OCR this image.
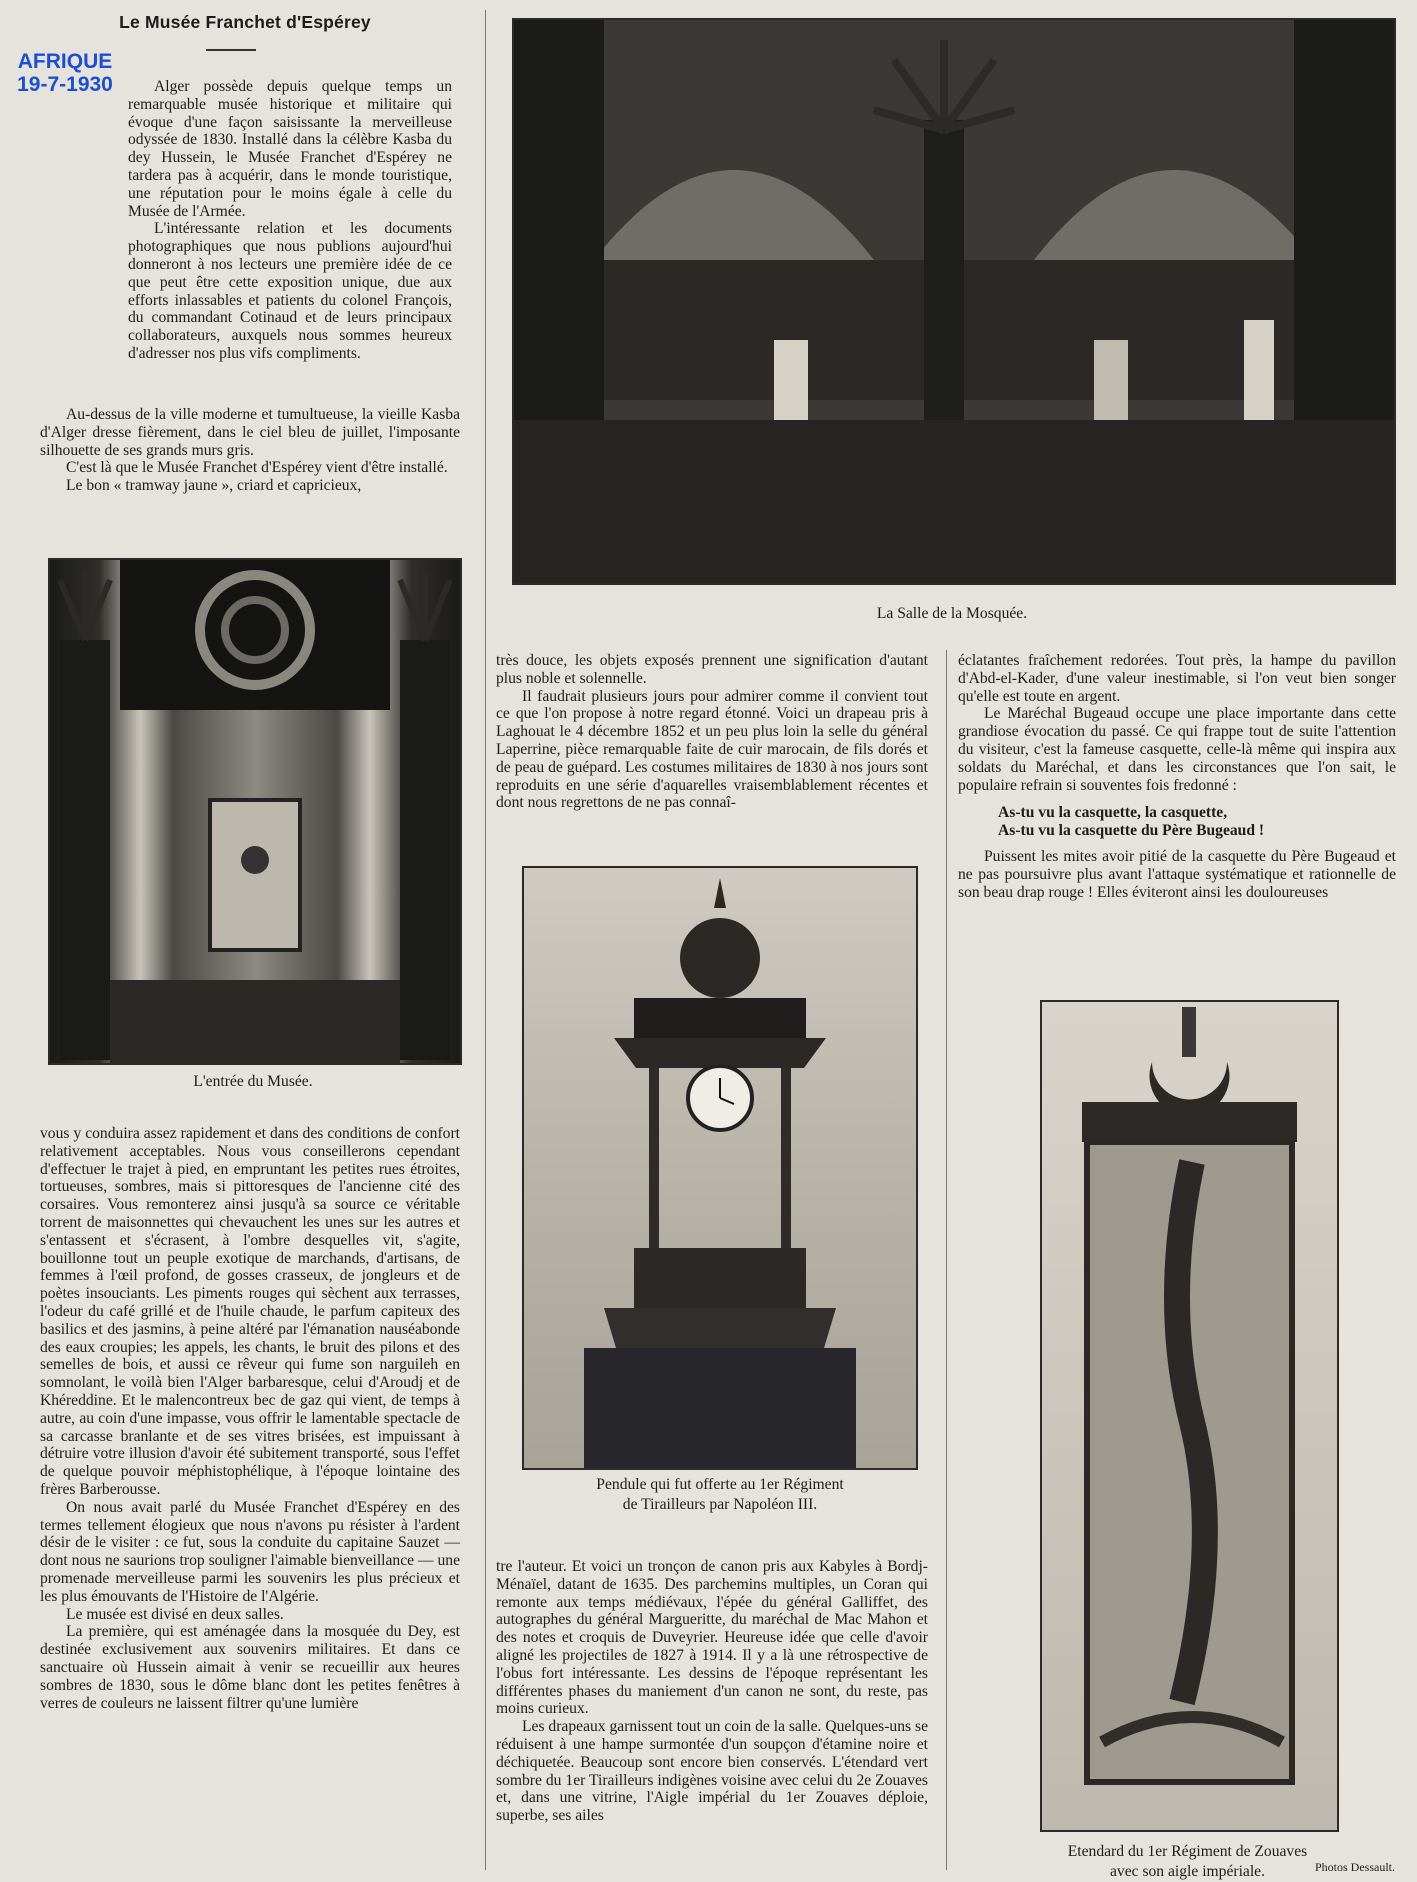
Le Musée Franchet d'Espérey
AFRIQUE
19-7-1930	Alger possède depuis quelque temps un remarquable musée historique et militaire qui évoque d'une façon saisissante la merveilleuse odyssée de 1830. Installé dans la célèbre Kasba du dey Hussein, le Musée Franchet d'Espérey ne tardera pas à acquérir, dans le monde touristique, une réputation pour le moins égale à celle du Musée de l'Armée.

L'intéressante relation et les documents photographiques que nous publions aujourd'hui donneront à nos lecteurs une première idée de ce que peut être cette exposition unique, due aux efforts inlassables et patients du colonel François, du commandant Cotinaud et de leurs principaux collaborateurs, auxquels nous sommes heureux d'adresser nos plus vifs compliments.

Au-dessus de la ville moderne et tumultueuse, la vieille Kasba d'Alger dresse fièrement, dans le ciel bleu de juillet, l'imposante silhouette de ses grands murs gris.

C'est là que le Musée Franchet d'Espérey vient d'être installé.

Le bon « tramway jaune », criard et capricieux,

L'entrée du Musée.

vous y conduira assez rapidement et dans des conditions de confort relativement acceptables. Nous vous conseillerons cependant d'effectuer le trajet à pied, en empruntant les petites rues étroites, tortueuses, sombres, mais si pittoresques de l'ancienne cité des corsaires. Vous remonterez ainsi jusqu'à sa source ce véritable torrent de maisonnettes qui chevauchent les unes sur les autres et s'entassent et s'écrasent, à l'ombre desquelles vit, s'agite, bouillonne tout un peuple exotique de marchands, d'artisans, de femmes à l'œil profond, de gosses crasseux, de jongleurs et de poètes insouciants. Les piments rouges qui sèchent aux terrasses, l'odeur du café grillé et de l'huile chaude, le parfum capiteux des basilics et des jasmins, à peine altéré par l'émanation nauséabonde des eaux croupies; les appels, les chants, le bruit des pilons et des semelles de bois, et aussi ce rêveur qui fume son narguileh en somnolant, le voilà bien l'Alger barbaresque, celui d'Aroudj et de Khéreddine. Et le malencontreux bec de gaz qui vient, de temps à autre, au coin d'une impasse, vous offrir le lamentable spectacle de sa carcasse branlante et de ses vitres brisées, est impuissant à détruire votre illusion d'avoir été subitement transporté, sous l'effet de quelque pouvoir méphistophélique, à l'époque lointaine des frères Barberousse.

On nous avait parlé du Musée Franchet d'Espérey en des termes tellement élogieux que nous n'avons pu résister à l'ardent désir de le visiter : ce fut, sous la conduite du capitaine Sauzet — dont nous ne saurions trop souligner l'aimable bienveillance — une promenade merveilleuse parmi les souvenirs les plus précieux et les plus émouvants de l'Histoire de l'Algérie.

Le musée est divisé en deux salles.

La première, qui est aménagée dans la mosquée du Dey, est destinée exclusivement aux souvenirs militaires. Et dans ce sanctuaire où Hussein aimait à venir se recueillir aux heures sombres de 1830, sous le dôme blanc dont les petites fenêtres à verres de couleurs ne laissent filtrer qu'une lumière

La Salle de la Mosquée.

très douce, les objets exposés prennent une signification d'autant plus noble et solennelle.

Il faudrait plusieurs jours pour admirer comme il convient tout ce que l'on propose à notre regard étonné. Voici un drapeau pris à Laghouat le 4 décembre 1852 et un peu plus loin la selle du général Laperrine, pièce remarquable faite de cuir marocain, de fils dorés et de peau de guépard. Les costumes militaires de 1830 à nos jours sont reproduits en une série d'aquarelles vraisemblablement récentes et dont nous regrettons de ne pas connaî-

Pendule qui fut offerte au 1er Régiment
de Tirailleurs par Napoléon III.

tre l'auteur. Et voici un tronçon de canon pris aux Kabyles à Bordj-Ménaïel, datant de 1635. Des parchemins multiples, un Coran qui remonte aux temps médiévaux, l'épée du général Galliffet, des autographes du général Margueritte, du maréchal de Mac Mahon et des notes et croquis de Duveyrier. Heureuse idée que celle d'avoir aligné les projectiles de 1827 à 1914. Il y a là une rétrospective de l'obus fort intéressante. Les dessins de l'époque représentant les différentes phases du maniement d'un canon ne sont, du reste, pas moins curieux.

Les drapeaux garnissent tout un coin de la salle. Quelques-uns se réduisent à une hampe surmontée d'un soupçon d'étamine noire et déchiquetée. Beaucoup sont encore bien conservés. L'étendard vert sombre du 1er Tirailleurs indigènes voisine avec celui du 2e Zouaves et, dans une vitrine, l'Aigle impérial du 1er Zouaves déploie, superbe, ses ailes

éclatantes fraîchement redorées. Tout près, la hampe du pavillon d'Abd-el-Kader, d'une valeur inestimable, si l'on veut bien songer qu'elle est toute en argent.

Le Maréchal Bugeaud occupe une place importante dans cette grandiose évocation du passé. Ce qui frappe tout de suite l'attention du visiteur, c'est la fameuse casquette, celle-là même qui inspira aux soldats du Maréchal, et dans les circonstances que l'on sait, le populaire refrain si souventes fois fredonné :

As-tu vu la casquette, la casquette,
As-tu vu la casquette du Père Bugeaud !

Puissent les mites avoir pitié de la casquette du Père Bugeaud et ne pas poursuivre plus avant l'attaque systématique et rationnelle de son beau drap rouge ! Elles éviteront ainsi les douloureuses

Etendard du 1er Régiment de Zouaves
avec son aigle impériale.	Photos Dessault.
